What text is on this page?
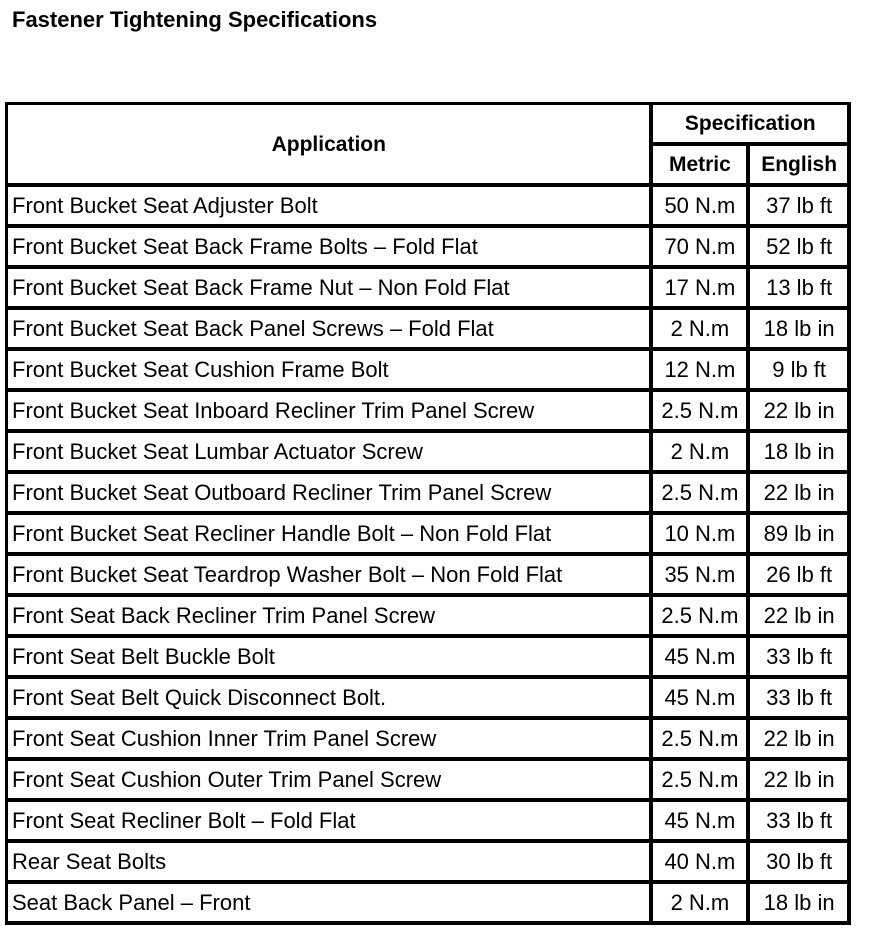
Fastener Tightening Specifications
Application	Specification	
	Metric	English
Front Bucket Seat Adjuster Bolt	50 N.m	37 lb ft
Front Bucket Seat Back Frame Bolts – Fold Flat	70 N.m	52 lb ft
Front Bucket Seat Back Frame Nut – Non Fold Flat	17 N.m	13 lb ft
Front Bucket Seat Back Panel Screws – Fold Flat	2 N.m	18 lb in
Front Bucket Seat Cushion Frame Bolt	12 N.m	9 lb ft
Front Bucket Seat Inboard Recliner Trim Panel Screw	2.5 N.m	22 lb in
Front Bucket Seat Lumbar Actuator Screw	2 N.m	18 lb in
Front Bucket Seat Outboard Recliner Trim Panel Screw	2.5 N.m	22 lb in
Front Bucket Seat Recliner Handle Bolt – Non Fold Flat	10 N.m	89 lb in
Front Bucket Seat Teardrop Washer Bolt – Non Fold Flat	35 N.m	26 lb ft
Front Seat Back Recliner Trim Panel Screw	2.5 N.m	22 lb in
Front Seat Belt Buckle Bolt	45 N.m	33 lb ft
Front Seat Belt Quick Disconnect Bolt.	45 N.m	33 lb ft
Front Seat Cushion Inner Trim Panel Screw	2.5 N.m	22 lb in
Front Seat Cushion Outer Trim Panel Screw	2.5 N.m	22 lb in
Front Seat Recliner Bolt – Fold Flat	45 N.m	33 lb ft
Rear Seat Bolts	40 N.m	30 lb ft
Seat Back Panel – Front	2 N.m	18 lb in
